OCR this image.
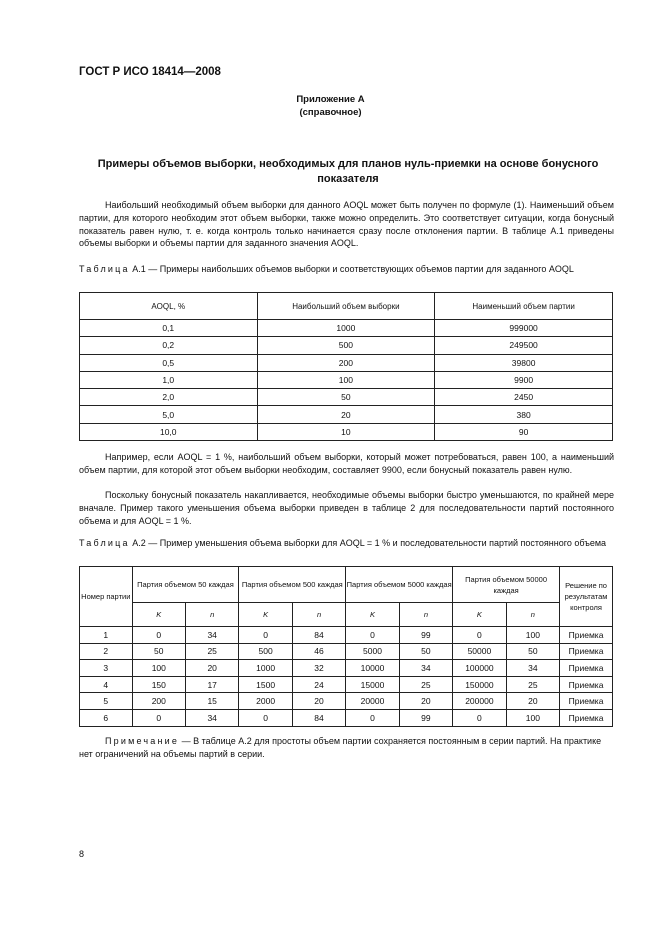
ГОСТ Р ИСО 18414—2008
Приложение А
(справочное)
Примеры объемов выборки, необходимых для планов нуль-приемки на основе бонусного показателя

Наибольший необходимый объем выборки для данного AOQL может быть получен по формуле (1). Наименьший объем партии, для которого необходим этот объем выборки, также можно определить. Это соответствует ситуации, когда бонусный показатель равен нулю, т. е. когда контроль только начинается сразу после отклонения партии. В таблице А.1 приведены объемы выборки и объемы партии для заданного значения AOQL.

Таблица А.1 — Примеры наибольших объемов выборки и соответствующих объемов партии для заданного AOQL

AOQL, %	Наибольший объем выборки	Наименьший объем партии
0,1	1000	999000
0,2	500	249500
0,5	200	39800
1,0	100	9900
2,0	50	2450
5,0	20	380
10,0	10	90

Например, если AOQL = 1 %, наибольший объем выборки, который может потребоваться, равен 100, а наименьший объем партии, для которой этот объем выборки необходим, составляет 9900, если бонусный показатель равен нулю.

Поскольку бонусный показатель накапливается, необходимые объемы выборки быстро уменьшаются, по крайней мере вначале. Пример такого уменьшения объема выборки приведен в таблице 2 для последовательности партий постоянного объема и для AOQL = 1 %.

Таблица А.2 — Пример уменьшения объема выборки для AOQL = 1 % и последовательности партий постоянного объема

Номер партии	Партия объемом 50 каждая		Партия объемом 500 каждая		Партия объемом 5000 каждая		Партия объемом 50000 каждая		Решение по результатам контроля
	K	n	K	n	K	n	K	n	
1	0	34	0	84	0	99	0	100	Приемка
2	50	25	500	46	5000	50	50000	50	Приемка
3	100	20	1000	32	10000	34	100000	34	Приемка
4	150	17	1500	24	15000	25	150000	25	Приемка
5	200	15	2000	20	20000	20	200000	20	Приемка
6	0	34	0	84	0	99	0	100	Приемка

Примечание — В таблице А.2 для простоты объем партии сохраняется постоянным в серии партий. На практике нет ограничений на объемы партий в серии.

8
